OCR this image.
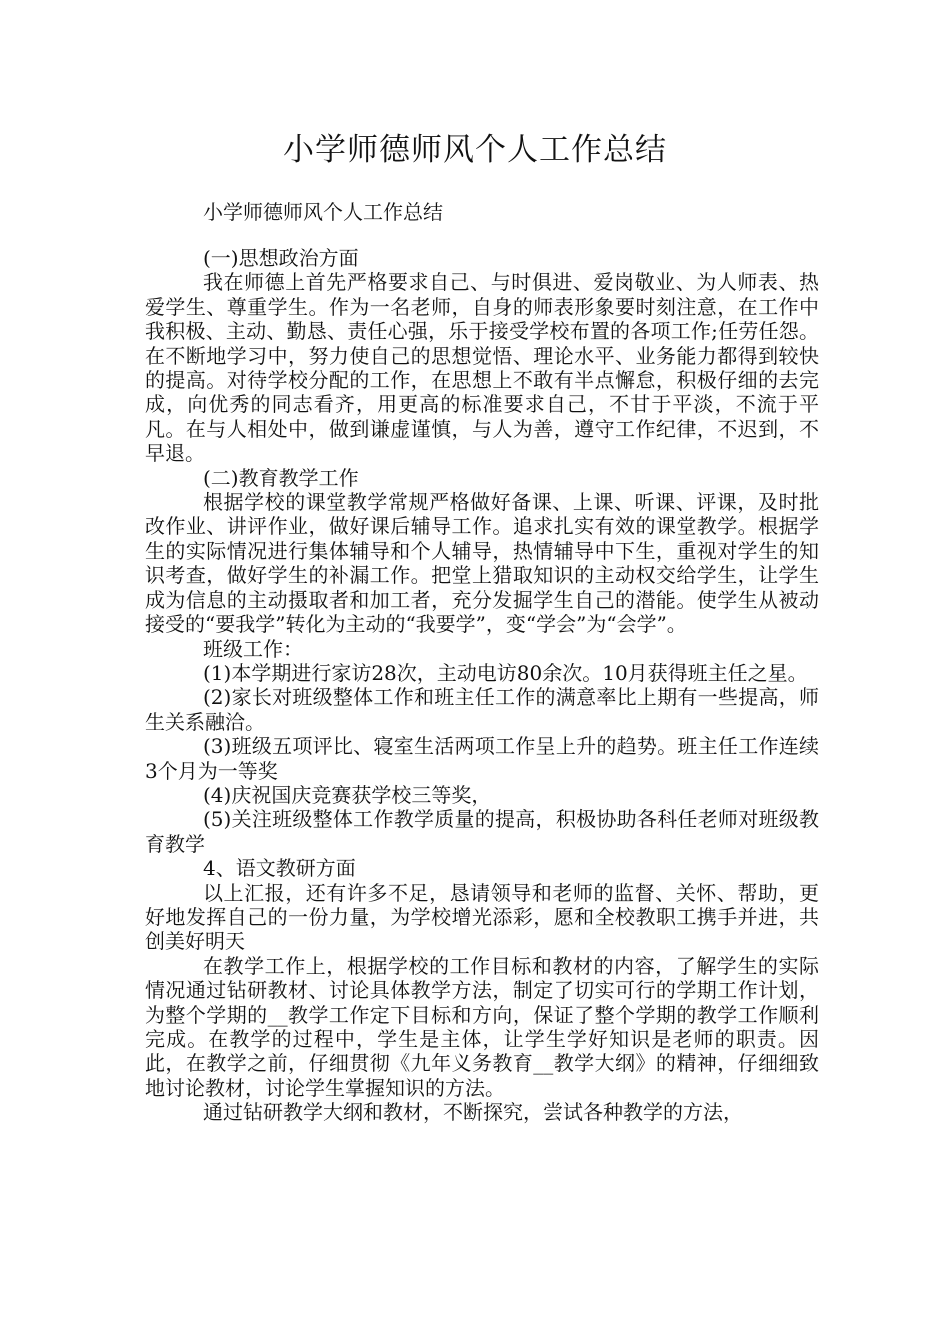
小学师德师风个人工作总结

小学师德师风个人工作总结

(一)思想政治方面

我在师德上首先严格要求自己、与时俱进、爱岗敬业、为人师表、热爱学生、尊重学生。作为一名老师，自身的师表形象要时刻注意，在工作中我积极、主动、勤恳、责任心强，乐于接受学校布置的各项工作;任劳任怨。在不断地学习中，努力使自己的思想觉悟、理论水平、业务能力都得到较快的提高。对待学校分配的工作，在思想上不敢有半点懈怠，积极仔细的去完成，向优秀的同志看齐，用更高的标准要求自己，不甘于平淡，不流于平凡。在与人相处中，做到谦虚谨慎，与人为善，遵守工作纪律，不迟到，不早退。

(二)教育教学工作

根据学校的课堂教学常规严格做好备课、上课、听课、评课，及时批改作业、讲评作业，做好课后辅导工作。追求扎实有效的课堂教学。根据学生的实际情况进行集体辅导和个人辅导，热情辅导中下生，重视对学生的知识考查，做好学生的补漏工作。把堂上猎取知识的主动权交给学生，让学生成为信息的主动摄取者和加工者，充分发掘学生自己的潜能。使学生从被动接受的“要我学”转化为主动的“我要学”，变“学会”为“会学”。

班级工作：

(1)本学期进行家访28次，主动电访80余次。10月获得班主任之星。

(2)家长对班级整体工作和班主任工作的满意率比上期有一些提高，师生关系融洽。

(3)班级五项评比、寝室生活两项工作呈上升的趋势。班主任工作连续3个月为一等奖

(4)庆祝国庆竞赛获学校三等奖，

(5)关注班级整体工作教学质量的提高，积极协助各科任老师对班级教育教学

4、语文教研方面

以上汇报，还有许多不足，恳请领导和老师的监督、关怀、帮助，更好地发挥自己的一份力量，为学校增光添彩，愿和全校教职工携手并进，共创美好明天

在教学工作上，根据学校的工作目标和教材的内容，了解学生的实际情况通过钻研教材、讨论具体教学方法，制定了切实可行的学期工作计划，为整个学期的__教学工作定下目标和方向，保证了整个学期的教学工作顺利完成。在教学的过程中，学生是主体，让学生学好知识是老师的职责。因此，在教学之前，仔细贯彻《九年义务教育__教学大纲》的精神，仔细细致地讨论教材，讨论学生掌握知识的方法。

通过钻研教学大纲和教材，不断探究，尝试各种教学的方法，
